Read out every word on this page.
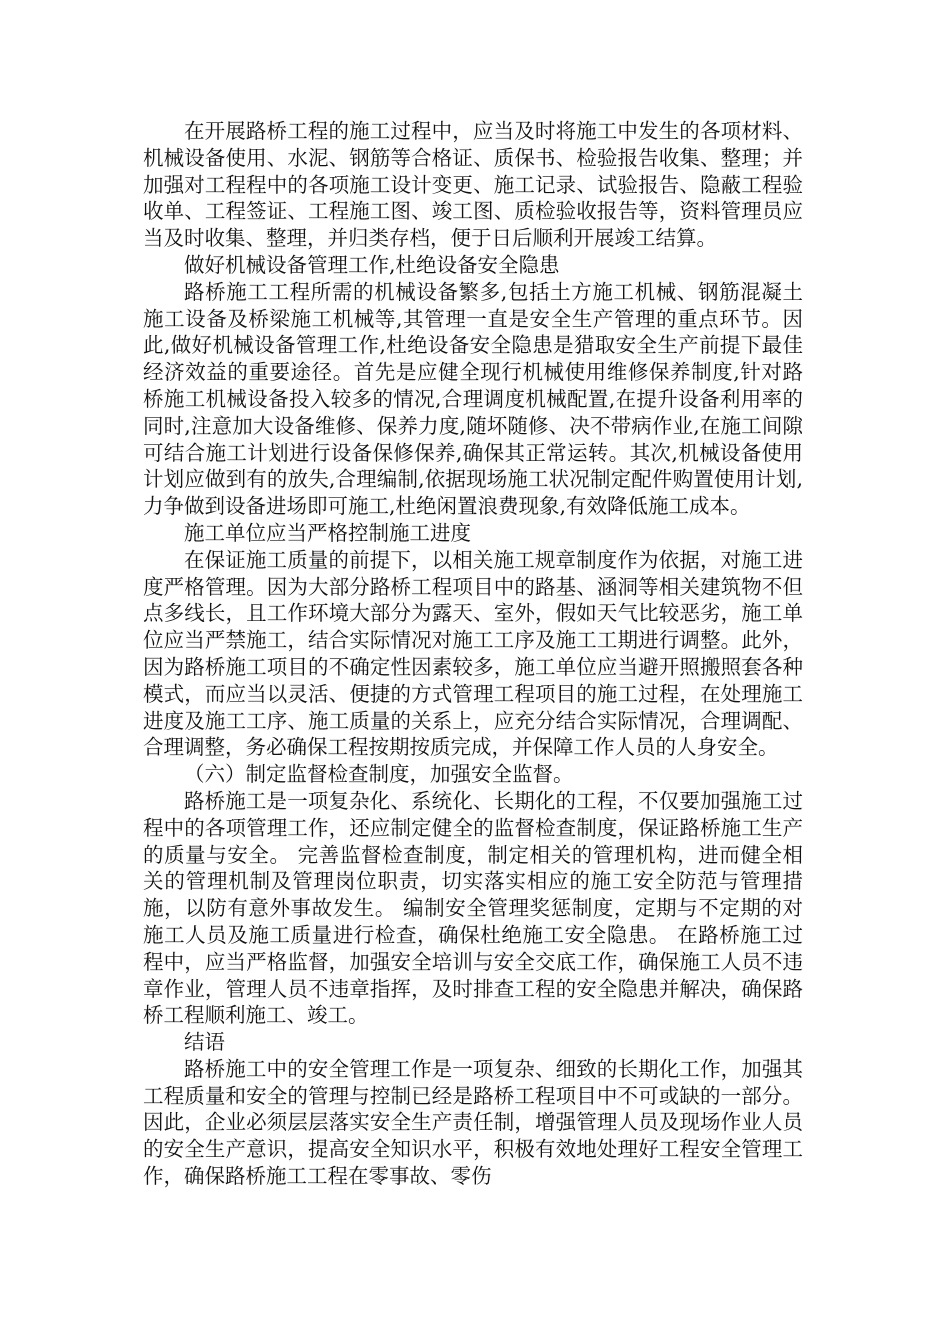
在开展路桥工程的施工过程中，应当及时将施工中发生的各项材料、机械设备使用、水泥、钢筋等合格证、质保书、检验报告收集、整理；并加强对工程程中的各项施工设计变更、施工记录、试验报告、隐蔽工程验收单、工程签证、工程施工图、竣工图、质检验收报告等，资料管理员应当及时收集、整理，并归类存档，便于日后顺利开展竣工结算。

做好机械设备管理工作,杜绝设备安全隐患

路桥施工工程所需的机械设备繁多,包括土方施工机械、钢筋混凝土施工设备及桥梁施工机械等,其管理一直是安全生产管理的重点环节。因此,做好机械设备管理工作,杜绝设备安全隐患是猎取安全生产前提下最佳经济效益的重要途径。首先是应健全现行机械使用维修保养制度,针对路桥施工机械设备投入较多的情况,合理调度机械配置,在提升设备利用率的同时,注意加大设备维修、保养力度,随坏随修、决不带病作业,在施工间隙可结合施工计划进行设备保修保养,确保其正常运转。其次,机械设备使用计划应做到有的放失,合理编制,依据现场施工状况制定配件购置使用计划,力争做到设备进场即可施工,杜绝闲置浪费现象,有效降低施工成本。

施工单位应当严格控制施工进度

在保证施工质量的前提下，以相关施工规章制度作为依据，对施工进度严格管理。因为大部分路桥工程项目中的路基、涵洞等相关建筑物不但点多线长，且工作环境大部分为露天、室外，假如天气比较恶劣，施工单位应当严禁施工，结合实际情况对施工工序及施工工期进行调整。此外，因为路桥施工项目的不确定性因素较多，施工单位应当避开照搬照套各种模式，而应当以灵活、便捷的方式管理工程项目的施工过程，在处理施工进度及施工工序、施工质量的关系上，应充分结合实际情况，合理调配、合理调整，务必确保工程按期按质完成，并保障工作人员的人身安全。

（六）制定监督检查制度，加强安全监督。

路桥施工是一项复杂化、系统化、长期化的工程，不仅要加强施工过程中的各项管理工作，还应制定健全的监督检查制度，保证路桥施工生产的质量与安全。 完善监督检查制度，制定相关的管理机构，进而健全相关的管理机制及管理岗位职责，切实落实相应的施工安全防范与管理措施，以防有意外事故发生。 编制安全管理奖惩制度，定期与不定期的对施工人员及施工质量进行检查，确保杜绝施工安全隐患。 在路桥施工过程中，应当严格监督，加强安全培训与安全交底工作，确保施工人员不违章作业，管理人员不违章指挥，及时排查工程的安全隐患并解决，确保路桥工程顺利施工、竣工。

结语

路桥施工中的安全管理工作是一项复杂、细致的长期化工作，加强其工程质量和安全的管理与控制已经是路桥工程项目中不可或缺的一部分。因此，企业必须层层落实安全生产责任制，增强管理人员及现场作业人员的安全生产意识，提高安全知识水平，积极有效地处理好工程安全管理工作，确保路桥施工工程在零事故、零伤
